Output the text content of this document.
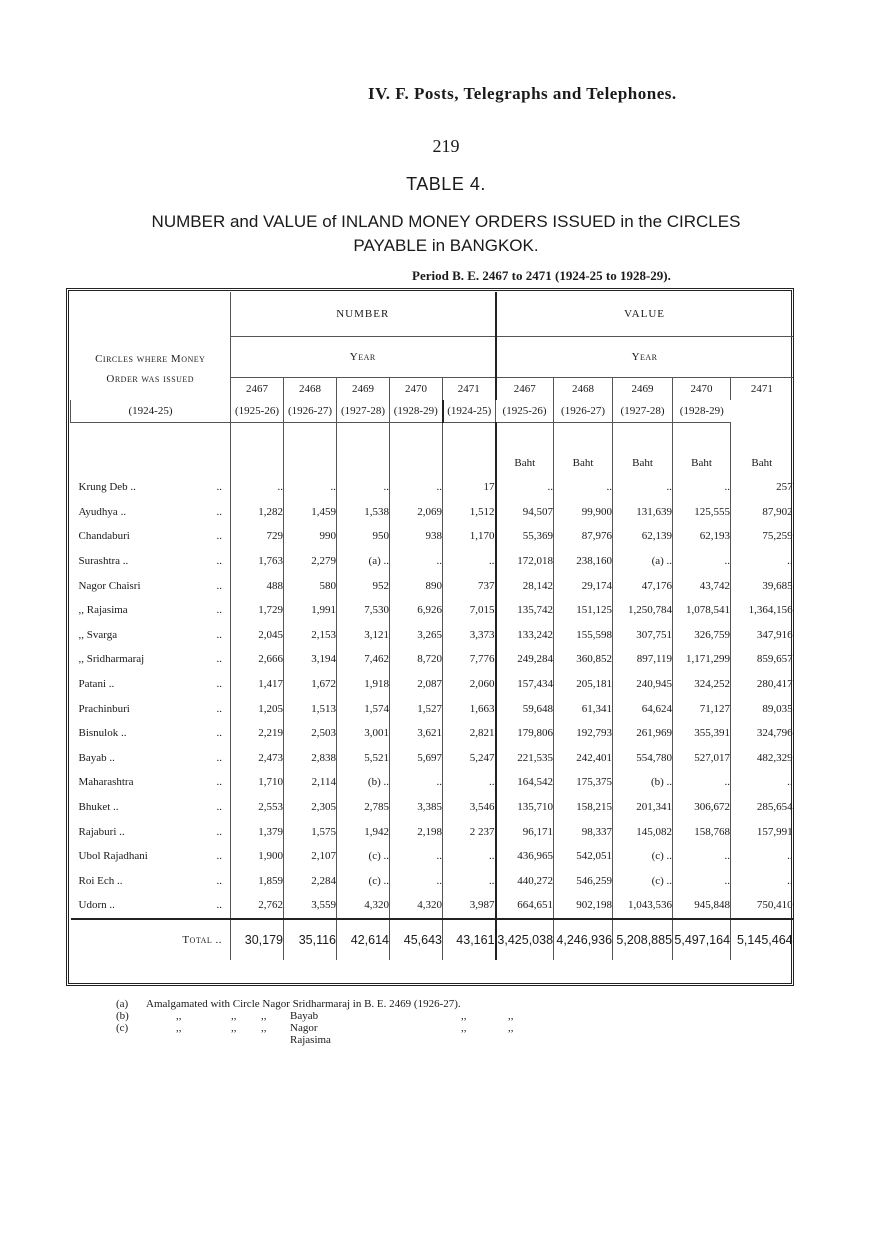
IV. F. Posts, Telegraphs and Telephones.
219
TABLE 4.
NUMBER and VALUE of INLAND MONEY ORDERS ISSUED in the CIRCLES
PAYABLE in BANGKOK.
Period B. E. 2467 to 2471 (1924-25 to 1928-29).
Circles where Money
Order was issued	NUMBER					VALUE				
	Year					Year				
	2467	2468	2469	2470	2471	2467	2468	2469	2470	2471
(1924-25)	(1925-26)	(1926-27)	(1927-28)	(1928-29)	(1924-25)	(1925-26)	(1926-27)	(1927-28)	(1928-29)	

						Baht	Baht	Baht	Baht	Baht
Krung Deb .. ..	..	..	..	..	17	..	..	..	..	257
Ayudhya .. ..	1,282	1,459	1,538	2,069	1,512	94,507	99,900	131,639	125,555	87,902
Chandaburi ..	729	990	950	938	1,170	55,369	87,976	62,139	62,193	75,259
Surashtra .. ..	1,763	2,279	(a) ..	..	..	172,018	238,160	(a) ..	..	..
Nagor Chaisri ..	488	580	952	890	737	28,142	29,174	47,176	43,742	39,685
,, Rajasima ..	1,729	1,991	7,530	6,926	7,015	135,742	151,125	1,250,784	1,078,541	1,364,156
,, Svarga ..	2,045	2,153	3,121	3,265	3,373	133,242	155,598	307,751	326,759	347,916
,, Sridharmaraj ..	2,666	3,194	7,462	8,720	7,776	249,284	360,852	897,119	1,171,299	859,657
Patani .. ..	1,417	1,672	1,918	2,087	2,060	157,434	205,181	240,945	324,252	280,417
Prachinburi ..	1,205	1,513	1,574	1,527	1,663	59,648	61,341	64,624	71,127	89,035
Bisnulok .. ..	2,219	2,503	3,001	3,621	2,821	179,806	192,793	261,969	355,391	324,796
Bayab .. ..	2,473	2,838	5,521	5,697	5,247	221,535	242,401	554,780	527,017	482,329
Maharashtra ..	1,710	2,114	(b) ..	..	..	164,542	175,375	(b) ..	..	..
Bhuket .. ..	2,553	2,305	2,785	3,385	3,546	135,710	158,215	201,341	306,672	285,654
Rajaburi .. ..	1,379	1,575	1,942	2,198	2 237	96,171	98,337	145,082	158,768	157,991
Ubol Rajadhani ..	1,900	2,107	(c) ..	..	..	436,965	542,051	(c) ..	..	..
Roi Ech .. ..	1,859	2,284	(c) ..	..	..	440,272	546,259	(c) ..	..	..
Udorn .. ..	2,762	3,559	4,320	4,320	3,987	664,651	902,198	1,043,536	945,848	750,410
Total ..	30,179	35,116	42,614	45,643	43,161	3,425,038	4,246,936	5,208,885	5,497,164	5,145,464
(a) Amalgamated with Circle Nagor Sridharmaraj in B. E. 2469 (1926-27).
(b)	,,	,, ,, Bayab	,,	,,
(c)	,,	,, ,, Nagor Rajasima
,,	,,
